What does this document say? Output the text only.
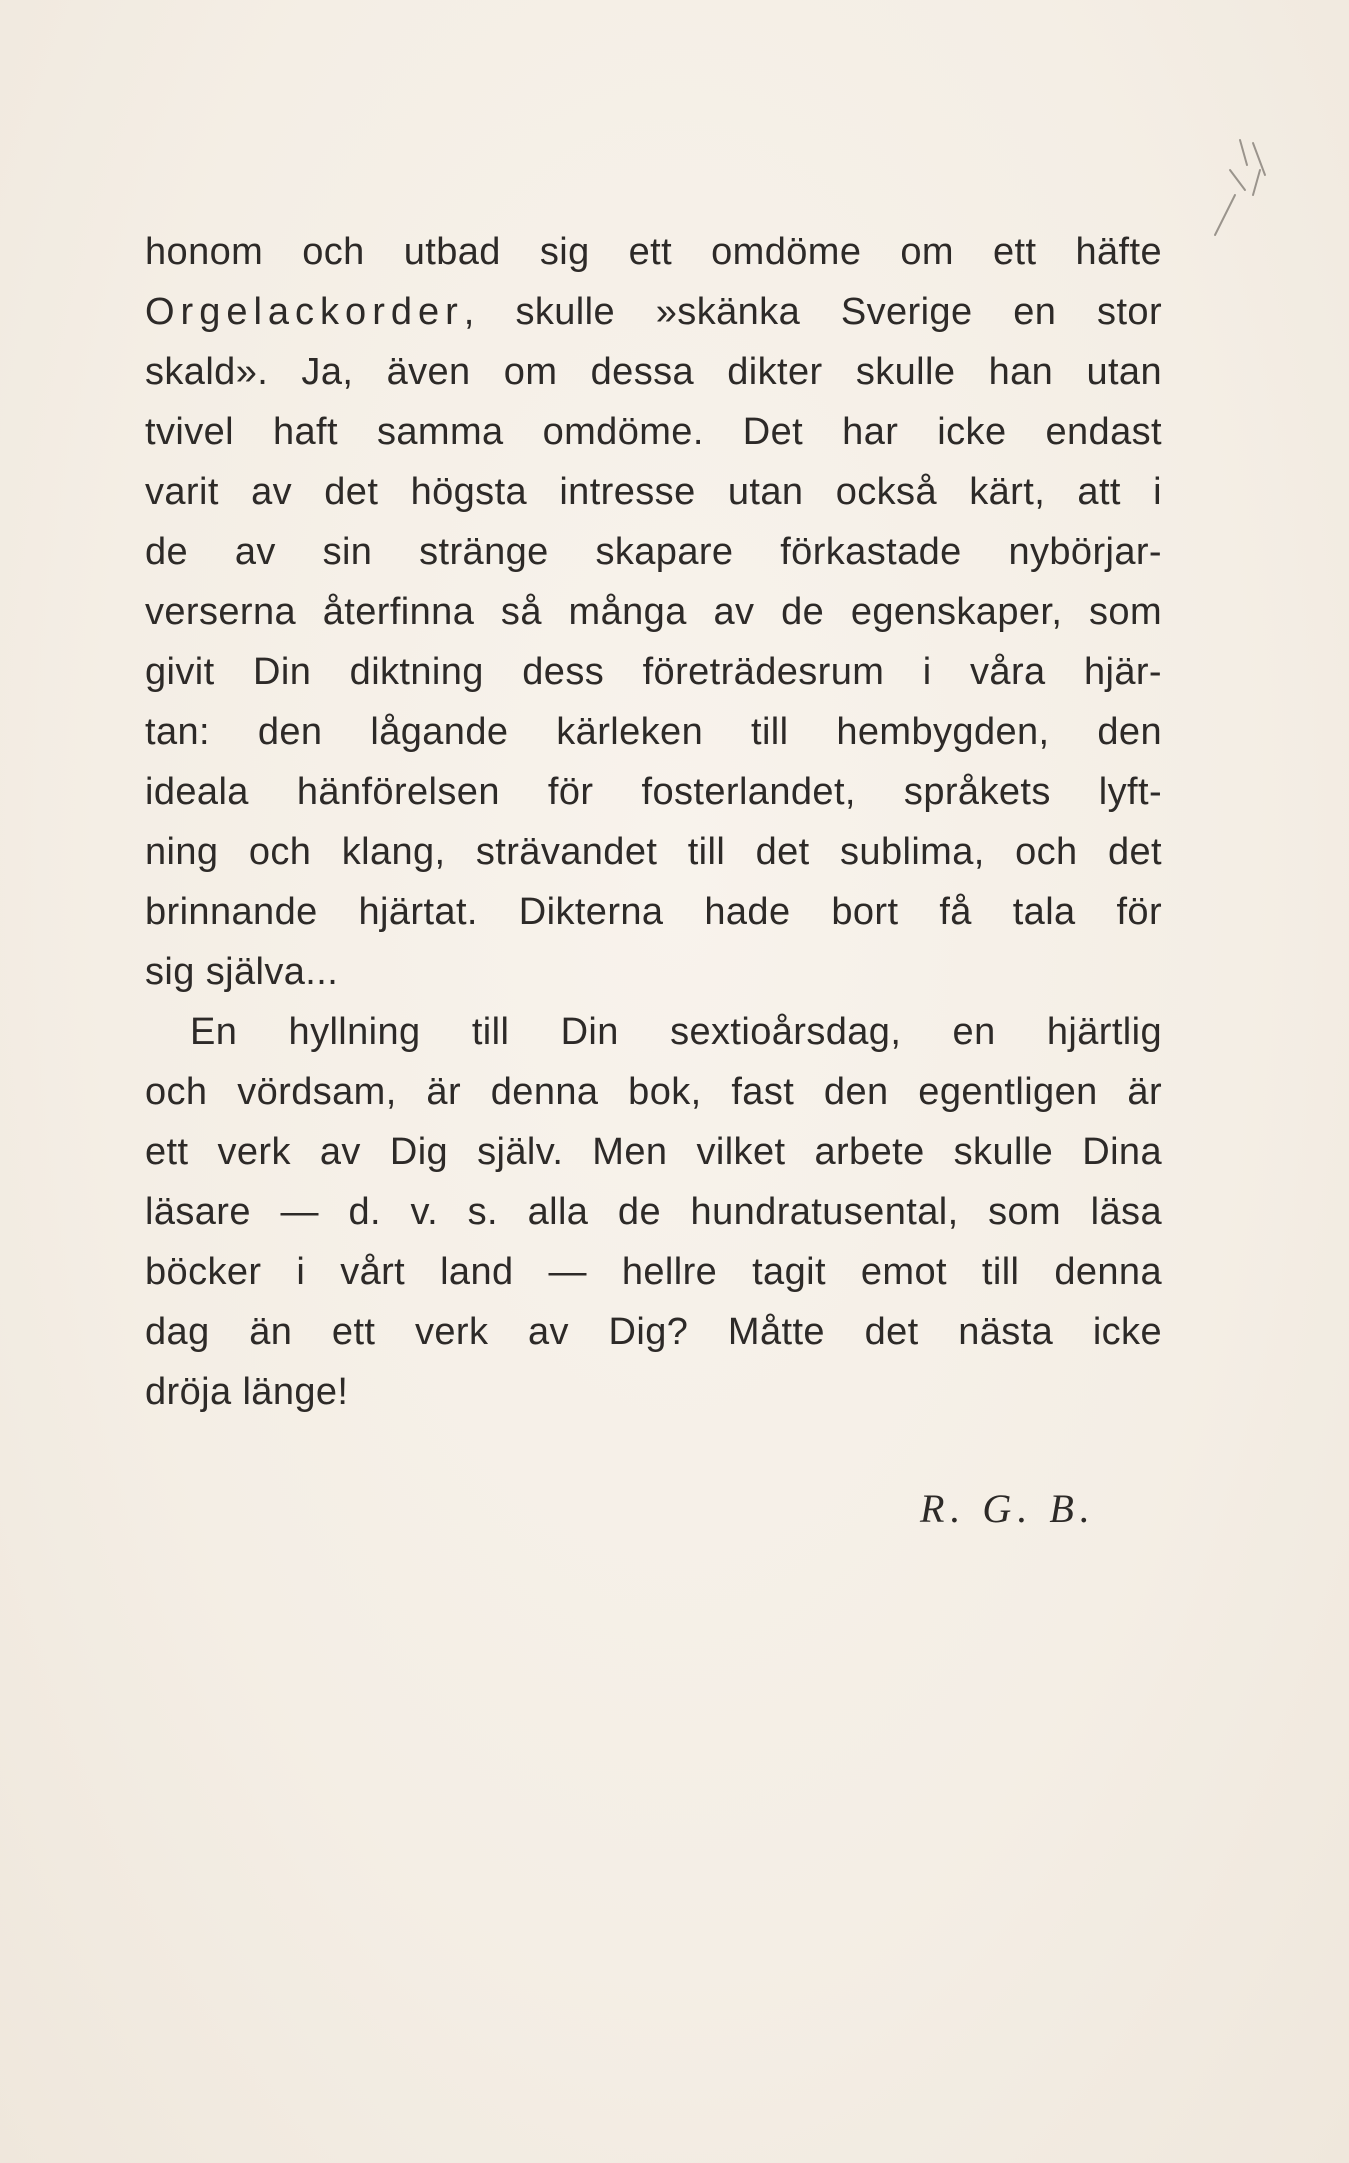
honom och utbad sig ett omdöme om ett häfte
Orgelackorder, skulle »skänka Sverige en stor
skald». Ja, även om dessa dikter skulle han utan
tvivel haft samma omdöme. Det har icke endast
varit av det högsta intresse utan också kärt, att i
de av sin stränge skapare förkastade nybörjar-
verserna återfinna så många av de egenskaper, som
givit Din diktning dess företrädesrum i våra hjär-
tan: den lågande kärleken till hembygden, den
ideala hänförelsen för fosterlandet, språkets lyft-
ning och klang, strävandet till det sublima, och det
brinnande hjärtat. Dikterna hade bort få tala för
sig själva...
En hyllning till Din sextioårsdag, en hjärtlig
och vördsam, är denna bok, fast den egentligen är
ett verk av Dig själv. Men vilket arbete skulle Dina
läsare — d. v. s. alla de hundratusental, som läsa
böcker i vårt land — hellre tagit emot till denna
dag än ett verk av Dig? Måtte det nästa icke
dröja länge!
R. G. B.
